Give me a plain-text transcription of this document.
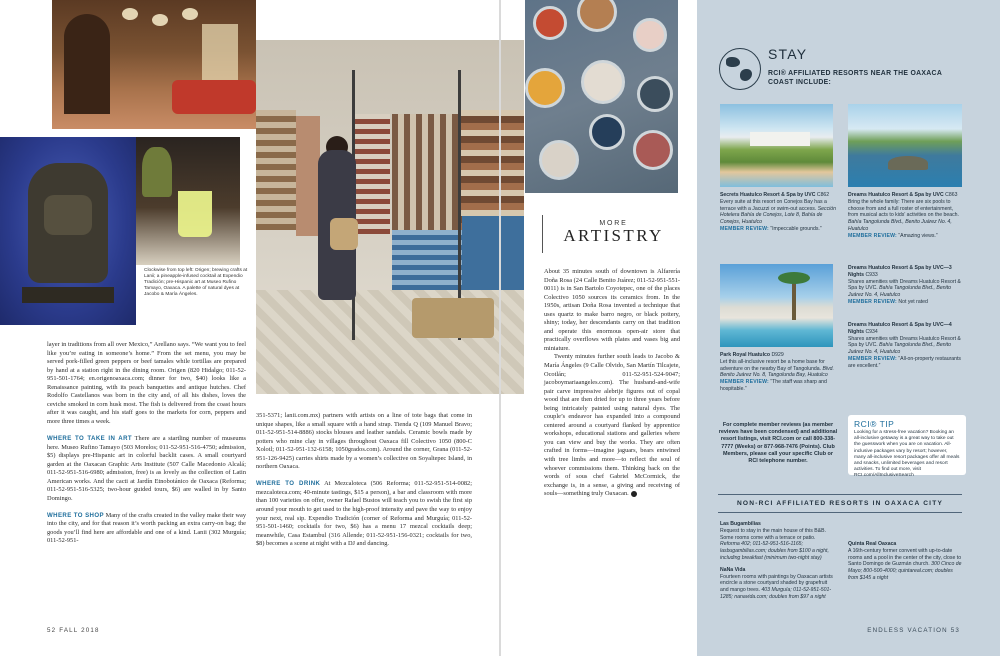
Clockwise from top left: Origen; brewing crafts at Lanii; a pineapple-infused cocktail at Expendio Tradición; pre-Hispanic art at Museo Rufino Tamayo, Oaxaca. A palette of natural dyes at Jacobo & María Ángeles.
MORE
ARTISTRY

layer in traditions from all over Mexico,” Arellano says. “We want you to feel like you’re eating in someone’s home.” From the set menu, you may be served pork-filled green peppers or beef tamales while tortillas are prepared by hand at a station right in the dining room. Origen (820 Hidalgo; 011-52-951-501-1764; en.origenoaxaca.com; dinner for two, $40) looks like a Renaissance painting, with its peach banquettes and antique hutches. Chef Rodolfo Castellanos was born in the city and, of all his dishes, loves the ceviche smoked in corn husk most. The fish is delivered from the coast hours after it was caught, and his staff goes to the markets for corn, peppers and more three times a week.

WHERE TO TAKE IN ART There are a startling number of museums here. Museo Rufino Tamayo (503 Morelos; 011-52-951-516-4750; admission, $5) displays pre-Hispanic art in colorful backlit cases. A small courtyard garden at the Oaxacan Graphic Arts Institute (507 Calle Macedonio Alcalá; 011-52-951-516-6980; admission, free) is as lovely as the collection of Latin American works. And the cacti at Jardín Etnobotánico de Oaxaca (Reforma; 011-52-951-516-5325; two-hour guided tours, $6) are walled in by Santo Domingo.

WHERE TO SHOP Many of the crafts created in the valley make their way into the city, and for that reason it’s worth packing an extra carry-on bag; the goods you’ll find here are affordable and one of a kind. Lanii (302 Murguía; 011-52-951-

351-5371; lanii.com.mx) partners with artists on a line of tote bags that come in unique shapes, like a small square with a hand strap. Tienda Q (109 Manuel Bravo; 011-52-951-514-8886) stocks blouses and leather sandals. Ceramic bowls made by potters who mine clay in villages throughout Oaxaca fill Colectivo 1050 (800-C Xolotl; 011-52-951-132-6158; 1050grados.com). Around the corner, Grana (011-52-951-126-9425) carries shirts made by a women’s collective on Soyaltepec Island, in northern Oaxaca.

WHERE TO DRINK At Mezcaloteca (506 Reforma; 011-52-951-514-0082; mezcaloteca.com; 40-minute tastings, $15 a person), a bar and classroom with more than 100 varieties on offer, owner Rafael Bustos will teach you to swish the first sip around your mouth to get used to the high-proof intensity and pave the way to enjoy your next, real sip. Expendio Tradición (corner of Reforma and Murguía; 011-52-951-501-1460; cocktails for two, $6) has a menu 17 mezcal cocktails deep; meanwhile, Casa Estambul (316 Allende; 011-52-951-156-0321; cocktails for two, $8) becomes a scene at night with a DJ and dancing.

About 35 minutes south of downtown is Alfarería Doña Rosa (24 Calle Benito Juárez; 011-52-951-551-0011) is in San Bartolo Coyotepec, one of the places Colectivo 1050 sources its ceramics from. In the 1950s, artisan Doña Rosa invented a technique that uses quartz to make barro negro, or black pottery, shiny; today, her descendants carry on that tradition and operate this enormous open-air store that practically overflows with plates and vases big and miniature.

Twenty minutes further south leads to Jacobo & María Ángeles (9 Calle Olvido, San Martín Tilcajete, Ocotlán; 011-52-951-524-9047; jacoboymariaangeles.com). The husband-and-wife pair carve impressive alebrije figures out of copal wood that are then dried for up to three years before being intricately painted using natural dyes. The couple’s endeavor has expanded into a compound centered around a courtyard flanked by apprentice workshops, educational stations and galleries where you can view and buy the works. They are often crafted in forms—imagine jaguars, bears entwined with tree limbs and more—to reflect the soul of whoever commissions them. Thinking back on the words of sous chef Gabriel McCormick, the exchange is, in a sense, a giving and receiving of souls—something truly Oaxacan.

52 FALL 2018
STAY
RCI® AFFILIATED RESORTS NEAR THE OAXACA COAST INCLUDE:
Secrets Huatulco Resort & Spa by UVC C862
Every suite at this resort on Conejos Bay has a terrace with a Jacuzzi or swim-out access. Sección Hotelera Bahía de Conejos, Lote 8, Bahía de Conejos, Huatulco
MEMBER REVIEW: “Impeccable grounds.”
Dreams Huatulco Resort & Spa by UVC C863
Bring the whole family: There are six pools to choose from and a full roster of entertainment, from musical acts to kids’ activities on the beach. Bahía Tangolunda Blvd., Benito Juárez No. 4, Huatulco
MEMBER REVIEW: “Amazing views.”
Dreams Huatulco Resort & Spa by UVC—3 Nights C933
Shares amenities with Dreams Huatulco Resort & Spa by UVC. Bahía Tangolunda Blvd., Benito Juárez No. 4, Huatulco
MEMBER REVIEW: Not yet rated
Dreams Huatulco Resort & Spa by UVC—4 Nights C934
Shares amenities with Dreams Huatulco Resort & Spa by UVC. Bahía Tangolunda Blvd., Benito Juárez No. 4, Huatulco
MEMBER REVIEW: “All-on-property restaurants are excellent.”
Park Royal Huatulco D929
Let this all-inclusive resort be a home base for adventure on the nearby Bay of Tangolunda. Blvd. Benito Juárez No. 8, Tangolunda Bay, Huatulco
MEMBER REVIEW: “The staff was sharp and hospitable.”
For complete member reviews (as member reviews have been condensed) and additional resort listings, visit RCI.com or call 800-338-7777 (Weeks) or 877-968-7476 (Points). Club Members, please call your specific Club or RCI telephone number.
RCI® TIP
Looking for a stress-free vacation? Booking an all-inclusive getaway is a great way to take out the guesswork when you are on vacation. All-inclusive packages vary by resort; however, many all-inclusive resort packages offer all meals and snacks, unlimited beverages and resort activities. To find out more, visit RCI.com/AllInclusiveSearch
NON-RCI AFFILIATED RESORTS IN OAXACA CITY
Las Bugambilias
Request to stay in the main house of this B&B. Some rooms come with a terrace or patio. Reforma 402; 011-52-951-516-1165; lasbugambilias.com; doubles from $100 a night, including breakfast (minimum two-night stay)
NaNa Vida
Fourteen rooms with paintings by Oaxacan artists encircle a stone courtyard shaded by grapefruit and mango trees. 403 Murguía; 011-52-951-501-1285; nanavida.com; doubles from $97 a night
Quinta Real Oaxaca
A 16th-century former convent with up-to-date rooms and a pool in the center of the city, close to Santo Domingo de Guzmán church. 300 Cinco de Mayo; 800-500-4000; quintareal.com; doubles from $145 a night
ENDLESS VACATION 53
